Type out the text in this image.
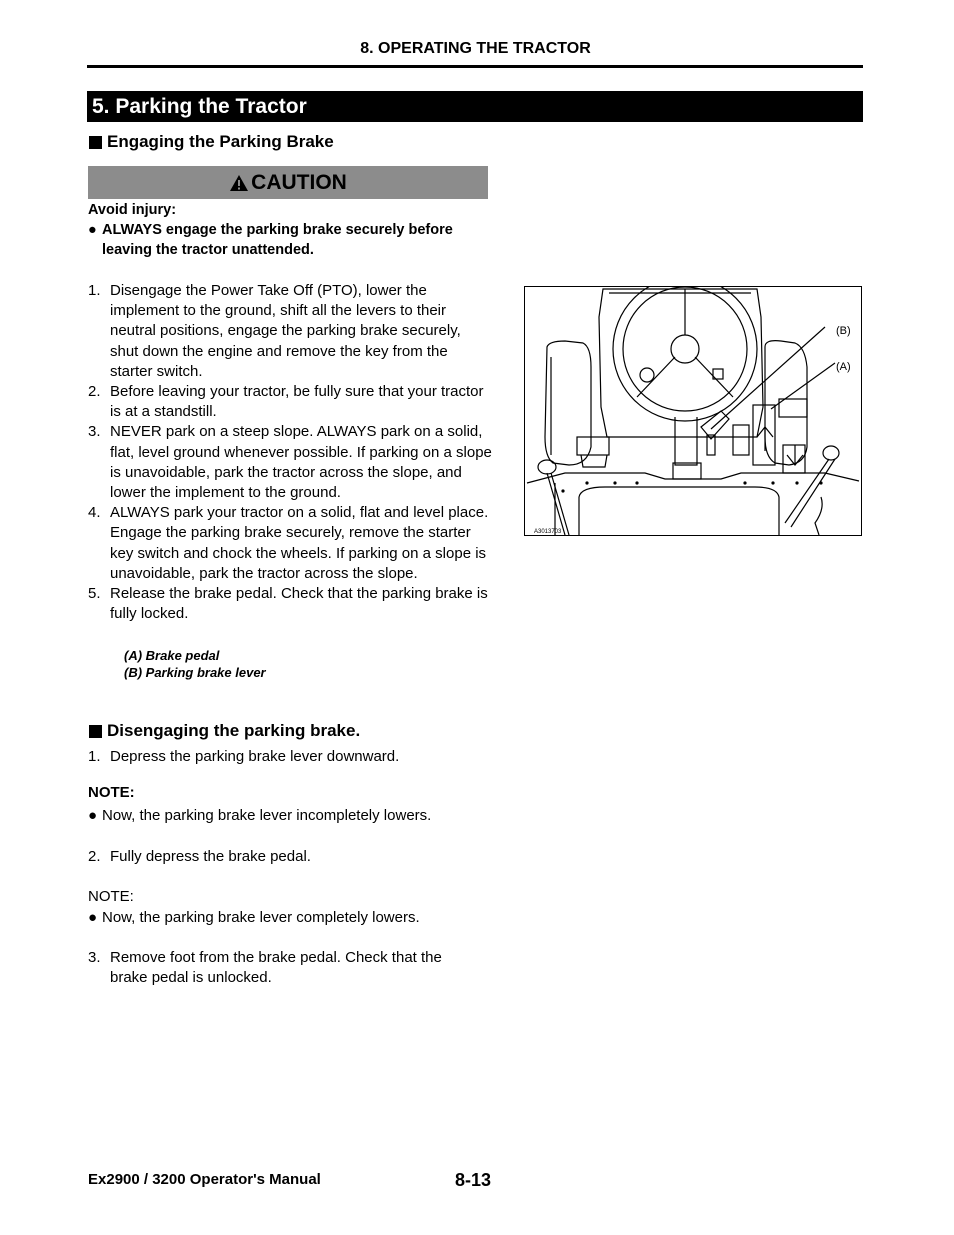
8. OPERATING THE TRACTOR
5. Parking the Tractor
Engaging the Parking Brake
CAUTION
Avoid injury:
● ALWAYS engage the parking brake securely before leaving the tractor unattended.
1. Disengage the Power Take Off (PTO), lower the implement to the ground, shift all the levers to their neutral positions, engage the parking brake securely, shut down the engine and remove the key from the starter switch.
2. Before leaving your tractor, be fully sure that your tractor is at a standstill.
3. NEVER park on a steep slope. ALWAYS park on a solid, flat, level ground whenever possible. If parking on a slope is unavoidable, park the tractor across the slope, and lower the implement to the ground.
4. ALWAYS park your tractor on a solid, flat and level place. Engage the parking brake securely, remove the starter key switch and chock the wheels. If parking on a slope is unavoidable, park the tractor across the slope.
5. Release the brake pedal. Check that the parking brake is fully locked.
(A) Brake pedal
(B) Parking brake lever
(B)
(A)
A3013703
Disengaging the parking brake.
1. Depress the parking brake lever downward.
NOTE:
● Now, the parking brake lever incompletely lowers.
2. Fully depress the brake pedal.
NOTE:
● Now, the parking brake lever completely lowers.
3. Remove foot from the brake pedal. Check that the brake pedal is unlocked.
Ex2900 / 3200 Operator's Manual	8-13
